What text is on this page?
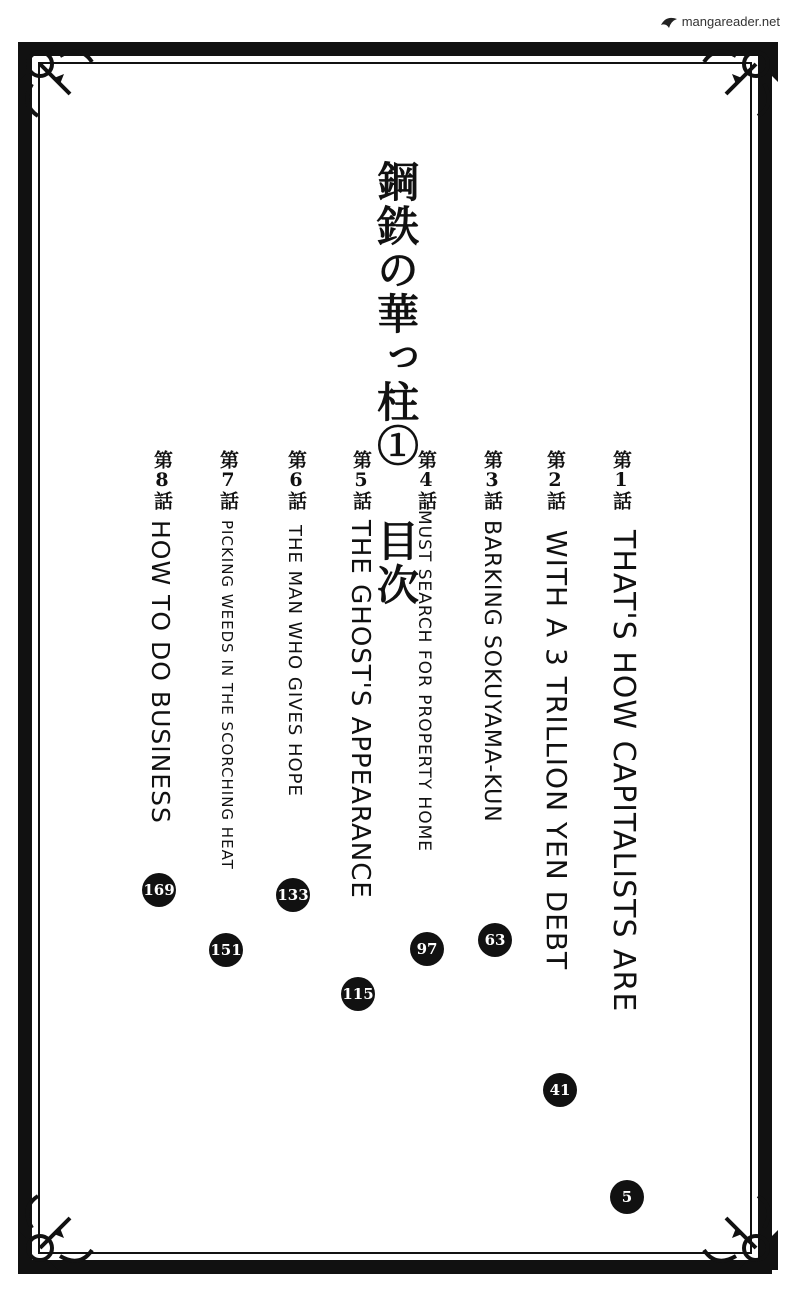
mangareader.net
鋼鉄の華っ柱① 目次	第1話
THAT'S HOW CAPITALISTS ARE
5
第2話
WITH A 3 TRILLION YEN DEBT
41
第3話
BARKING SOKUYAMA-KUN
63
第4話
MUST SEARCH FOR PROPERTY HOME
97
第5話
THE GHOST'S APPEARANCE
115
第6話
THE MAN WHO GIVES HOPE
133
第7話
PICKING WEEDS IN THE SCORCHING HEAT
151
第8話
HOW TO DO BUSINESS
169
